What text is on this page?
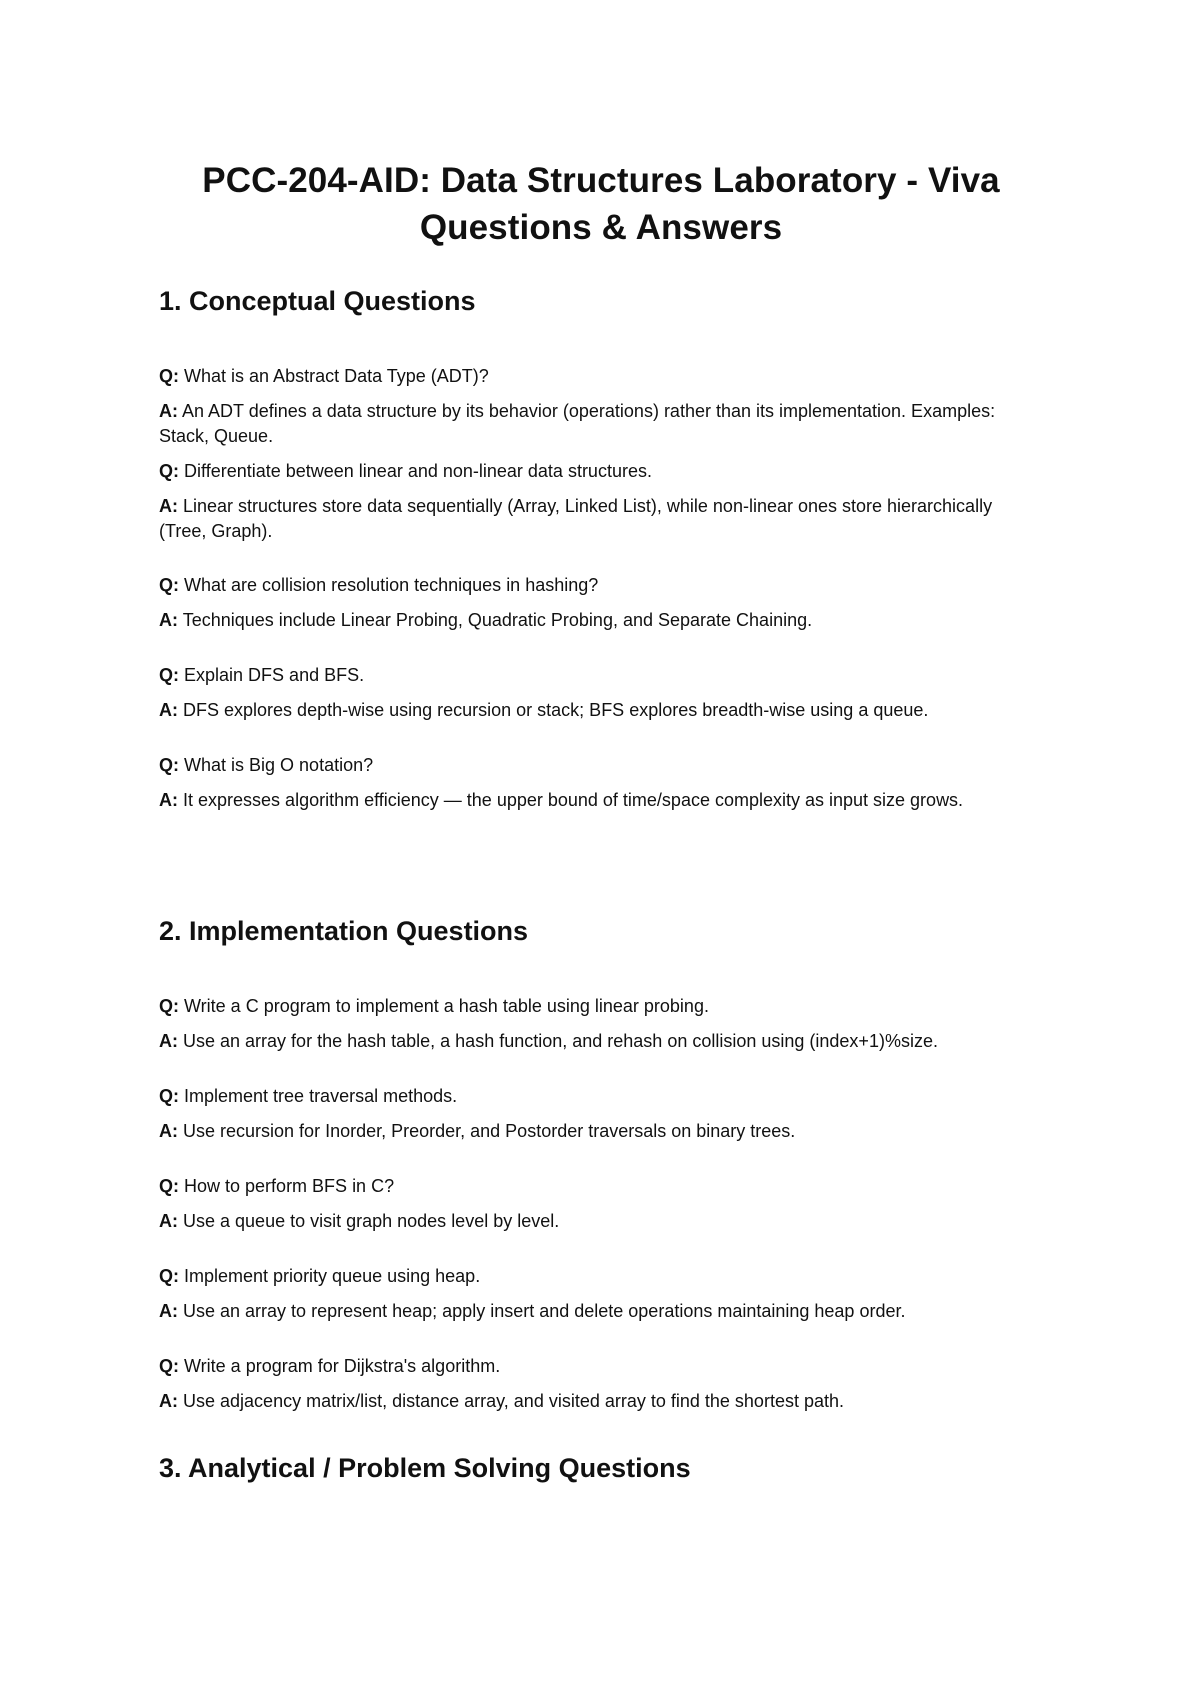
PCC-204-AID: Data Structures Laboratory - Viva Questions & Answers
1. Conceptual Questions

Q: What is an Abstract Data Type (ADT)?

A: An ADT defines a data structure by its behavior (operations) rather than its implementation. Examples: Stack, Queue.

Q: Differentiate between linear and non-linear data structures.

A: Linear structures store data sequentially (Array, Linked List), while non-linear ones store hierarchically (Tree, Graph).

Q: What are collision resolution techniques in hashing?

A: Techniques include Linear Probing, Quadratic Probing, and Separate Chaining.

Q: Explain DFS and BFS.

A: DFS explores depth-wise using recursion or stack; BFS explores breadth-wise using a queue.

Q: What is Big O notation?

A: It expresses algorithm efficiency — the upper bound of time/space complexity as input size grows.

2. Implementation Questions

Q: Write a C program to implement a hash table using linear probing.

A: Use an array for the hash table, a hash function, and rehash on collision using (index+1)%size.

Q: Implement tree traversal methods.

A: Use recursion for Inorder, Preorder, and Postorder traversals on binary trees.

Q: How to perform BFS in C?

A: Use a queue to visit graph nodes level by level.

Q: Implement priority queue using heap.

A: Use an array to represent heap; apply insert and delete operations maintaining heap order.

Q: Write a program for Dijkstra's algorithm.

A: Use adjacency matrix/list, distance array, and visited array to find the shortest path.

3. Analytical / Problem Solving Questions
